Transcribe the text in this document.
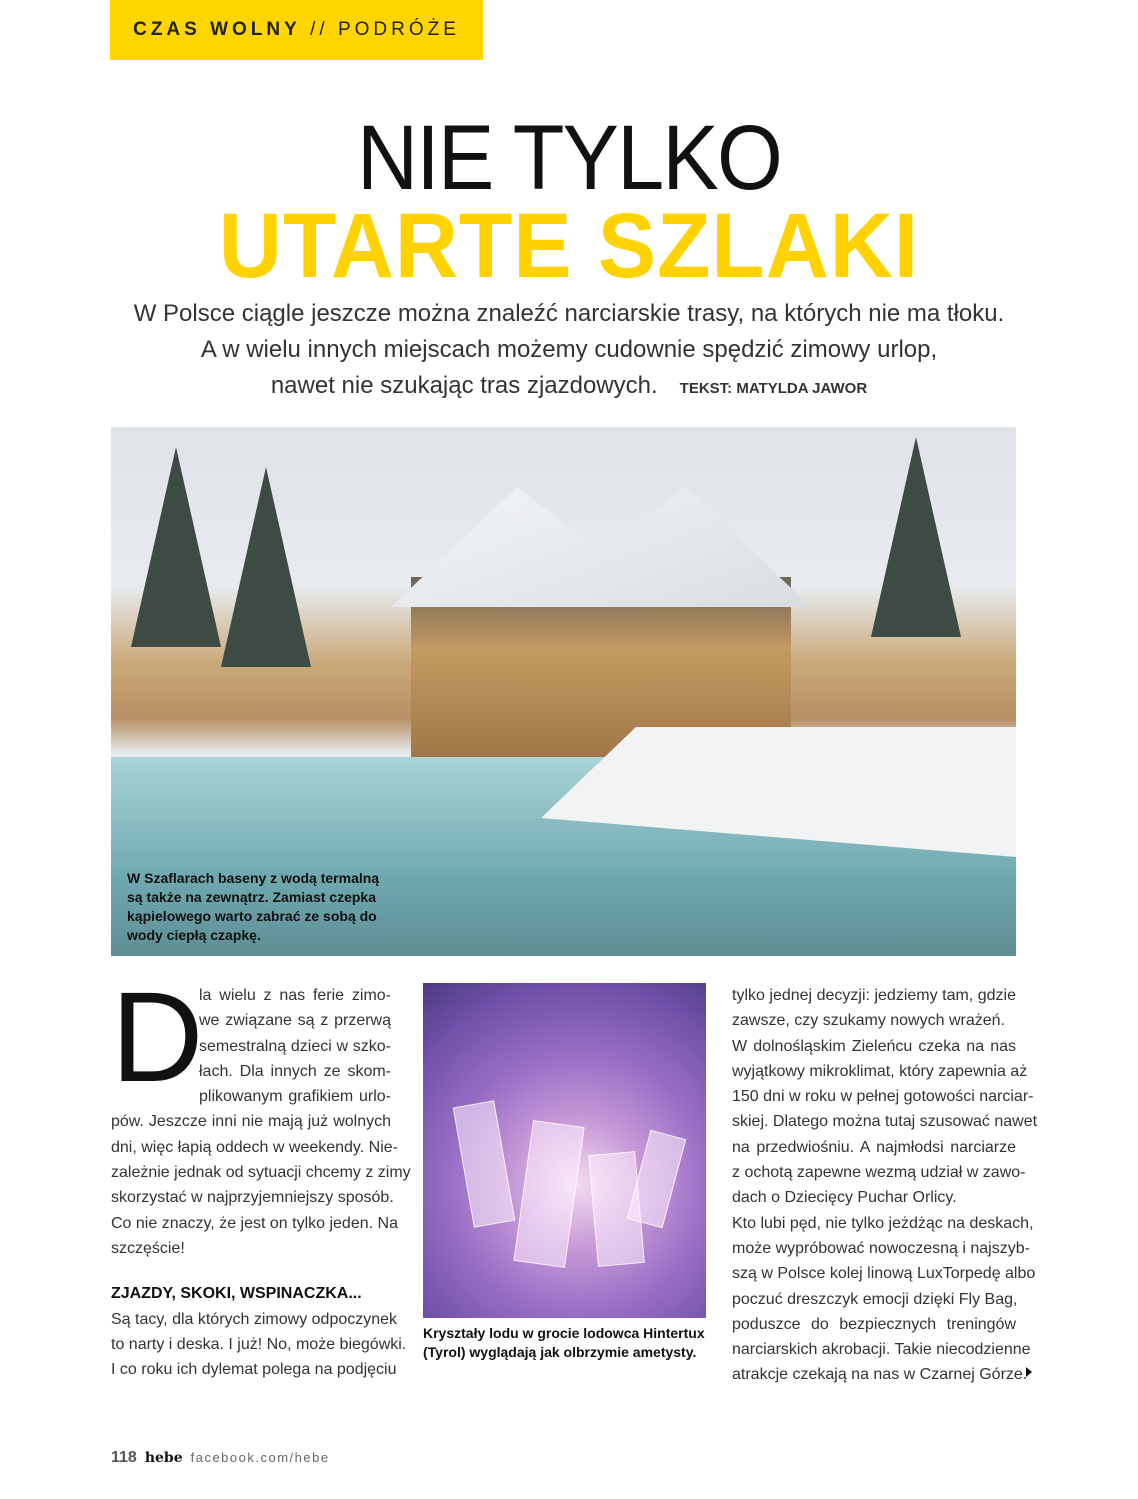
CZAS WOLNY
//
PODRÓŻE
NIE TYLKO
UTARTE SZLAKI
W Polsce ciągle jeszcze można znaleźć narciarskie trasy, na których nie ma tłoku.
A w wielu innych miejscach możemy cudownie spędzić zimowy urlop,
nawet nie szukając tras zjazdowych. TEKST: MATYLDA JAWOR
W Szaflarach baseny z wodą termalną są także na zewnątrz. Zamiast czepka kąpielowego warto zabrać ze sobą do wody ciepłą czapkę.
D
la wielu z nas ferie zimo-
we związane są z przerwą
semestralną dzieci w szko-
łach. Dla innych ze skom-
plikowanym grafikiem urlo-
pów. Jeszcze inni nie mają już wolnych
dni, więc łapią oddech w weekendy. Nie-
zależnie jednak od sytuacji chcemy z zimy
skorzystać w najprzyjemniejszy sposób.
Co nie znaczy, że jest on tylko jeden. Na
szczęście!
ZJAZDY, SKOKI, WSPINACZKA...
Są tacy, dla których zimowy odpoczynek
to narty i deska. I już! No, może biegówki.
I co roku ich dylemat polega na podjęciu
Kryształy lodu w grocie lodowca Hintertux (Tyrol) wyglądają jak olbrzymie ametysty.
tylko jednej decyzji: jedziemy tam, gdzie
zawsze, czy szukamy nowych wrażeń.
W dolnośląskim Zieleńcu czeka na nas
wyjątkowy mikroklimat, który zapewnia aż
150 dni w roku w pełnej gotowości narciar-
skiej. Dlatego można tutaj szusować nawet
na przedwiośniu. A najmłodsi narciarze
z ochotą zapewne wezmą udział w zawo-
dach o Dziecięcy Puchar Orlicy.
Kto lubi pęd, nie tylko jeżdżąc na deskach,
może wypróbować nowoczesną i najszyb-
szą w Polsce kolej linową LuxTorpedę albo
poczuć dreszczyk emocji dzięki Fly Bag,
poduszce do bezpiecznych treningów
narciarskich akrobacji. Takie niecodzienne
atrakcje czekają na nas w Czarnej Górze.
118 hebe facebook.com/hebe
